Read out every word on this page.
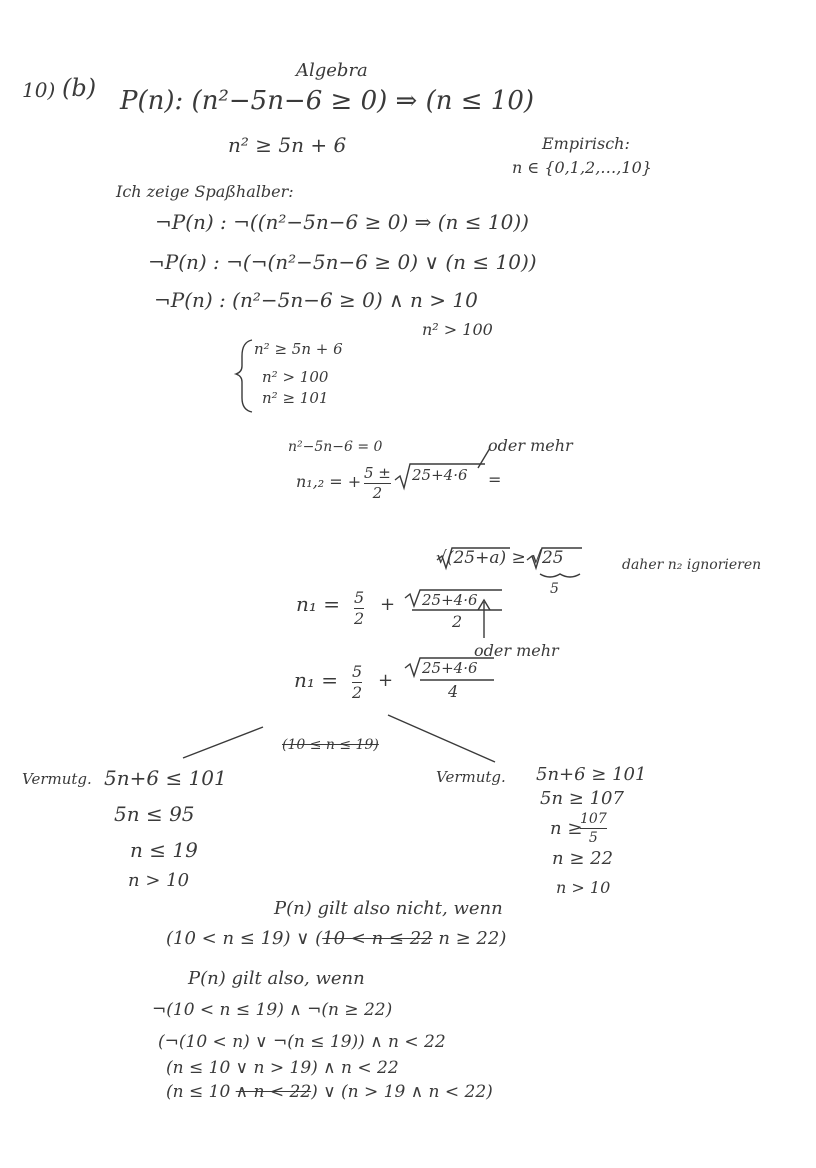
10) (b)
Algebra
P(n): (n²−5n−6 ≥ 0) ⇒ (n ≤ 10)
n² ≥ 5n + 6	Empirisch:
n ∈ {0,1,2,…,10}
Ich zeige Spaßhalber:
¬P(n) : ¬((n²−5n−6 ≥ 0) ⇒ (n ≤ 10))
¬P(n) : ¬(¬(n²−5n−6 ≥ 0) ∨ (n ≤ 10))
¬P(n) : (n²−5n−6 ≥ 0) ∧ n > 10
n² > 100
n² ≥ 5n + 6
n² > 100
n² ≥ 101
n²−5n−6 = 0	oder mehr
n₁,₂ = + 5 ±
2
25+4·6 =
√(25+a) ≥ √25
5
daher n₂ ignorieren
n₁ = 5
2
+ 25+4·6
2
oder mehr
n₁ = 5
2
+
25+4·6
4
(10 ≤ n ≤ 19)
Vermutg. 5n+6 ≤ 101
5n ≤ 95
n ≤ 19
n > 10
Vermutg. 5n+6 ≥ 101
5n ≥ 107
n ≥
107
5
n ≥ 22
n > 10
P(n) gilt also nicht, wenn
(10 < n ≤ 19) ∨ (10 < n ≤ 22 n ≥ 22)
P(n) gilt also, wenn
¬(10 < n ≤ 19) ∧ ¬(n ≥ 22)
(¬(10 < n) ∨ ¬(n ≤ 19)) ∧ n < 22
(n ≤ 10 ∨ n > 19) ∧ n < 22
(n ≤ 10 ∧ n < 22) ∨ (n > 19 ∧ n < 22)
